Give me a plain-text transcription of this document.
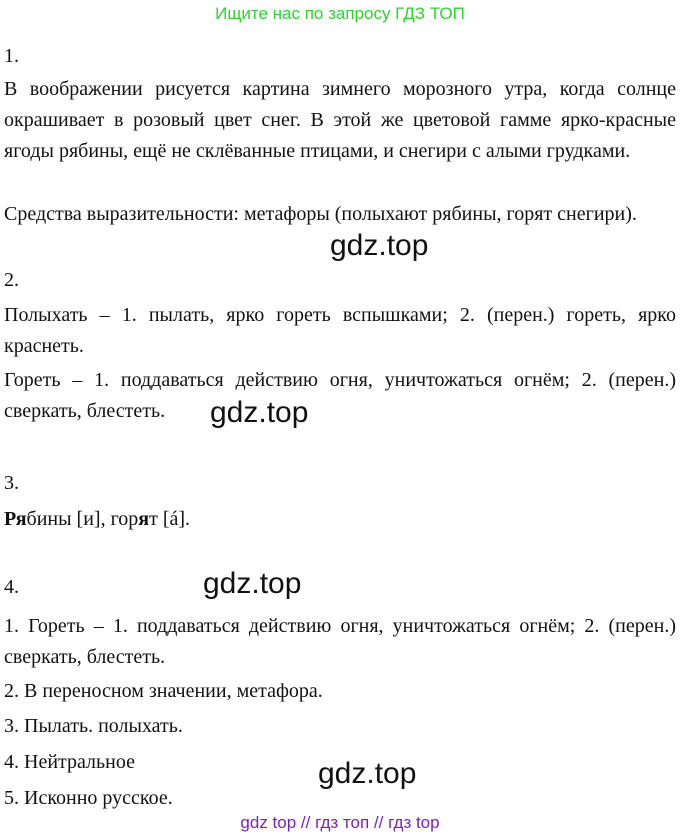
Ищите нас по запросу ГДЗ ТОП
1.
В воображении рисуется картина зимнего морозного утра, когда солнце окрашивает в розовый цвет снег. В этой же цветовой гамме ярко-красные ягоды рябины, ещё не склёванные птицами, и снегири с алыми грудками.
Средства выразительности: метафоры (полыхают рябины, горят снегири).
gdz.top
2.
Полыхать – 1. пылать, ярко гореть вспышками; 2. (перен.) гореть, ярко краснеть.
Гореть – 1. поддаваться действию огня, уничтожаться огнём; 2. (перен.) сверкать, блестеть.	gdz.top
3.
Рябины [и], горят [á].
4.	gdz.top
1. Гореть – 1. поддаваться действию огня, уничтожаться огнём; 2. (перен.) сверкать, блестеть.
2. В переносном значении, метафора.
3. Пылать. полыхать.
4. Нейтральное
5. Исконно русское.
gdz.top
gdz top // гдз топ // гдз top
